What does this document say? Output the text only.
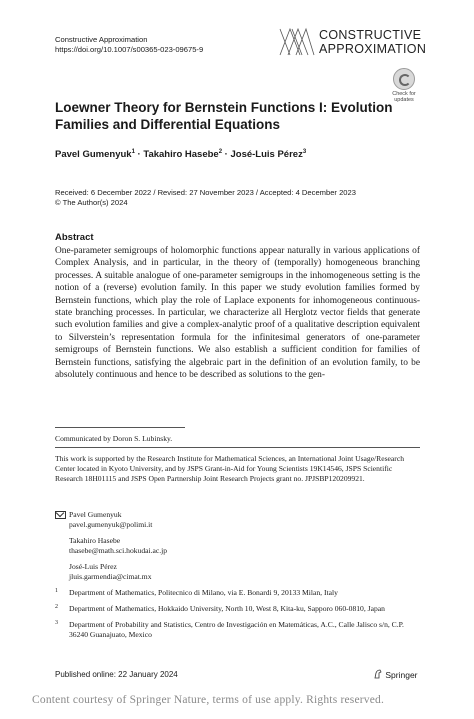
Constructive Approximation
https://doi.org/10.1007/s00365-023-09675-9
CONSTRUCTIVE
APPROXIMATION
Check for
updates
Loewner Theory for Bernstein Functions I: Evolution Families and Differential Equations
Pavel Gumenyuk$^1$ · Takahiro Hasebe$^2$ · José-Luis Pérez$^3$
Received: 6 December 2022 / Revised: 27 November 2023 / Accepted: 4 December 2023
© The Author(s) 2024
Abstract
One-parameter semigroups of holomorphic functions appear naturally in various applications of Complex Analysis, and in particular, in the theory of (temporally) homogeneous branching processes. A suitable analogue of one-parameter semigroups in the inhomogeneous setting is the notion of a (reverse) evolution family. In this paper we study evolution families formed by Bernstein functions, which play the role of Laplace exponents for inhomogeneous continuous-state branching processes. In particular, we characterize all Herglotz vector fields that generate such evolution families and give a complex-analytic proof of a qualitative description equivalent to Silverstein’s representation formula for the infinitesimal generators of one-parameter semigroups of Bernstein functions. We also establish a sufficient condition for families of Bernstein functions, satisfying the algebraic part in the definition of an evolution family, to be absolutely continuous and hence to be described as solutions to the gen-
Communicated by Doron S. Lubinsky.
This work is supported by the Research Institute for Mathematical Sciences, an International Joint Usage/Research Center located in Kyoto University, and by JSPS Grant-in-Aid for Young Scientists 19K14546, JSPS Scientific Research 18H01115 and JSPS Open Partnership Joint Research Projects grant no. JPJSBP120209921.
Pavel Gumenyuk
pavel.gumenyuk@polimi.it
Takahiro Hasebe
thasebe@math.sci.hokudai.ac.jp
José-Luis Pérez
jluis.garmendia@cimat.mx
1 Department of Mathematics, Politecnico di Milano, via E. Bonardi 9, 20133 Milan, Italy
2 Department of Mathematics, Hokkaido University, North 10, West 8, Kita-ku, Sapporo 060-0810, Japan
3 Department of Probability and Statistics, Centro de Investigación en Matemáticas, A.C., Calle Jalisco s/n, C.P. 36240 Guanajuato, Mexico
Published online: 22 January 2024	Springer
Content courtesy of Springer Nature, terms of use apply. Rights reserved.
